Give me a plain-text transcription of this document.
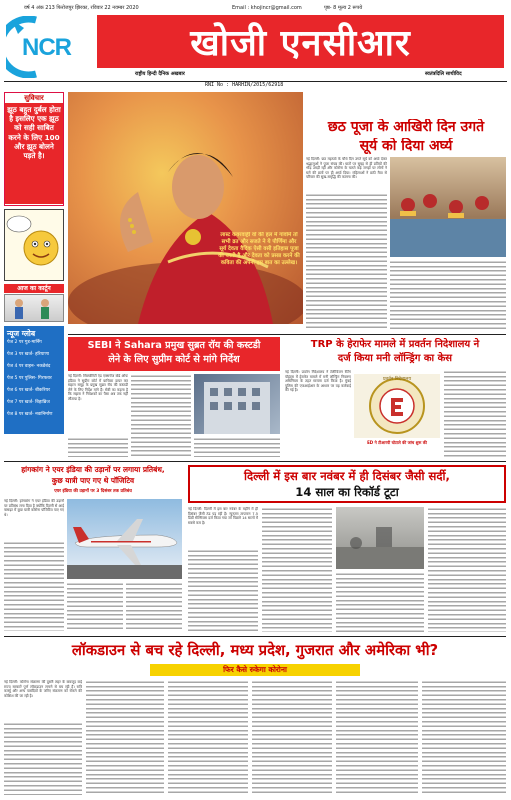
वर्ष 4 अंक 213 फिरोजपुर झिरका, रविवार 22 नवम्बर 2020	Email : khojincr@gmail.com	पृष्ठ- 8 मूल्य 2 रूपये
NCR	खोजी एनसीआर
राष्ट्रीय हिन्दी दैनिक अखबार	स्वतंत्रदिलि साथीविद
RNI No : HARHIN/2015/62918
सुविचार
झूठ बहुत दुर्बल होता है इसलिए एक झूठ को सही साबित करने के लिए 100 और झूठ बोलने पड़ते है।
आज का कार्टून
न्यूज ग्लोब
पेज 2 पर गुड-मार्निंग
पेज 3 पर खर्ज- हरियाणा
पेज 4 पर वाहन- नकडेबंद
पेज 5 पर पुलिस- गिरफ्तार
पेज 6 पर खर्ज- बीकरियर
पेज 7 पर खर्ज- बिहाब्रिज
पेज 8 पर खर्ज- नवानिर्माण
लास्ट कवरवाह़ी वो की हल में गांवोमें तो सभी व्रत और सजते ने ये पौर्णिमा और सूर्य देवता वैदिक ऐसी वसी इतिहास पूजा की जाती है और देवता को प्रसन्न करने की कविता की अपनी इस बात का उल्लेख।
छठ पूजा के आखिरी दिन उगते
सूर्य को दिया अर्घ्य
नई दिल्ली: छठ महापर्व के चौथे दिन उगते सूर्य को अर्घ्य देकर श्रद्धालुओं ने पूजा संपन्न की। घाटों पर सुबह से ही व्रतियों की भीड़ उमड़ी रही और कोरोना के चलते कई जगहों पर लोगों ने घरों की छतों पर ही अर्घ्य दिया। महिलाओं ने छठी मैया से परिवार की सुख-समृद्धि की कामना की।
SEBI ने Sahara प्रमुख सुब्रत रॉय की कस्टडी
लेने के लिए सुप्रीम कोर्ट से मांगे निर्देश
नई दिल्ली: सिक्योरिटी एंड एक्सचेंज बोर्ड ऑफ इंडिया ने सुप्रीम कोर्ट में याचिका दायर कर सहारा समूह के प्रमुख सुब्रत रॉय की कस्टडी लेने के लिए निर्देश मांगे हैं। सेबी का कहना है कि सहारा ने निवेशकों का पैसा अब तक नहीं लौटाया है।
TRP के हेराफेर मामले में प्रवर्तन निदेशालय ने
दर्ज किया मनी लॉन्ड्रिंग का केस
नई दिल्ली: प्रवर्तन निदेशालय ने टेलीविजन रेटिंग पॉइंट्स में हेराफेर मामले में मनी लॉन्ड्रिंग निवारण अधिनियम के तहत मामला दर्ज किया है। मुंबई पुलिस की एफआईआर के आधार पर यह कार्रवाई की गई है।
प्रवर्तन निदेशालय
ED ने टीआरपी घोटाले की जांच शुरू की
हांगकांग ने एयर इंडिया की उड़ानों पर लगाया प्रतिबंध,
कुछ यात्री पाए गए थे पॉजिटिव
एयर इंडिया की उड़ानों पर 3 दिसंबर तक प्रतिबंध
नई दिल्ली: हांगकांग ने एयर इंडिया की उड़ानों पर प्रतिबंध लगा दिया है क्योंकि दिल्ली से आई फ्लाइट में कुछ यात्री कोरोना पॉजिटिव पाए गए थे।
दिल्ली में इस बार नवंबर में ही दिसंबर जैसी सर्दी,
14 साल का रिकॉर्ड टूटा
नई दिल्ली: दिल्ली में इस बार नवंबर के महीने में ही दिसंबर जैसी ठंड पड़ रही है। न्यूनतम तापमान 7.5 डिग्री सेल्सियस दर्ज किया गया जो पिछले 14 सालों में सबसे कम है।
लॉकडाउन से बच रहे दिल्ली, मध्य प्रदेश, गुजरात और अमेरिका भी?
फिर कैसे रुकेगा कोरोना
नई दिल्ली: कोरोना संक्रमण की दूसरी लहर के बावजूद कई राज्य सरकारें पूर्ण लॉकडाउन लगाने से बच रही हैं। रात्रि कर्फ्यू और अन्य पाबंदियों के जरिए संक्रमण को रोकने की कोशिश की जा रही है।
